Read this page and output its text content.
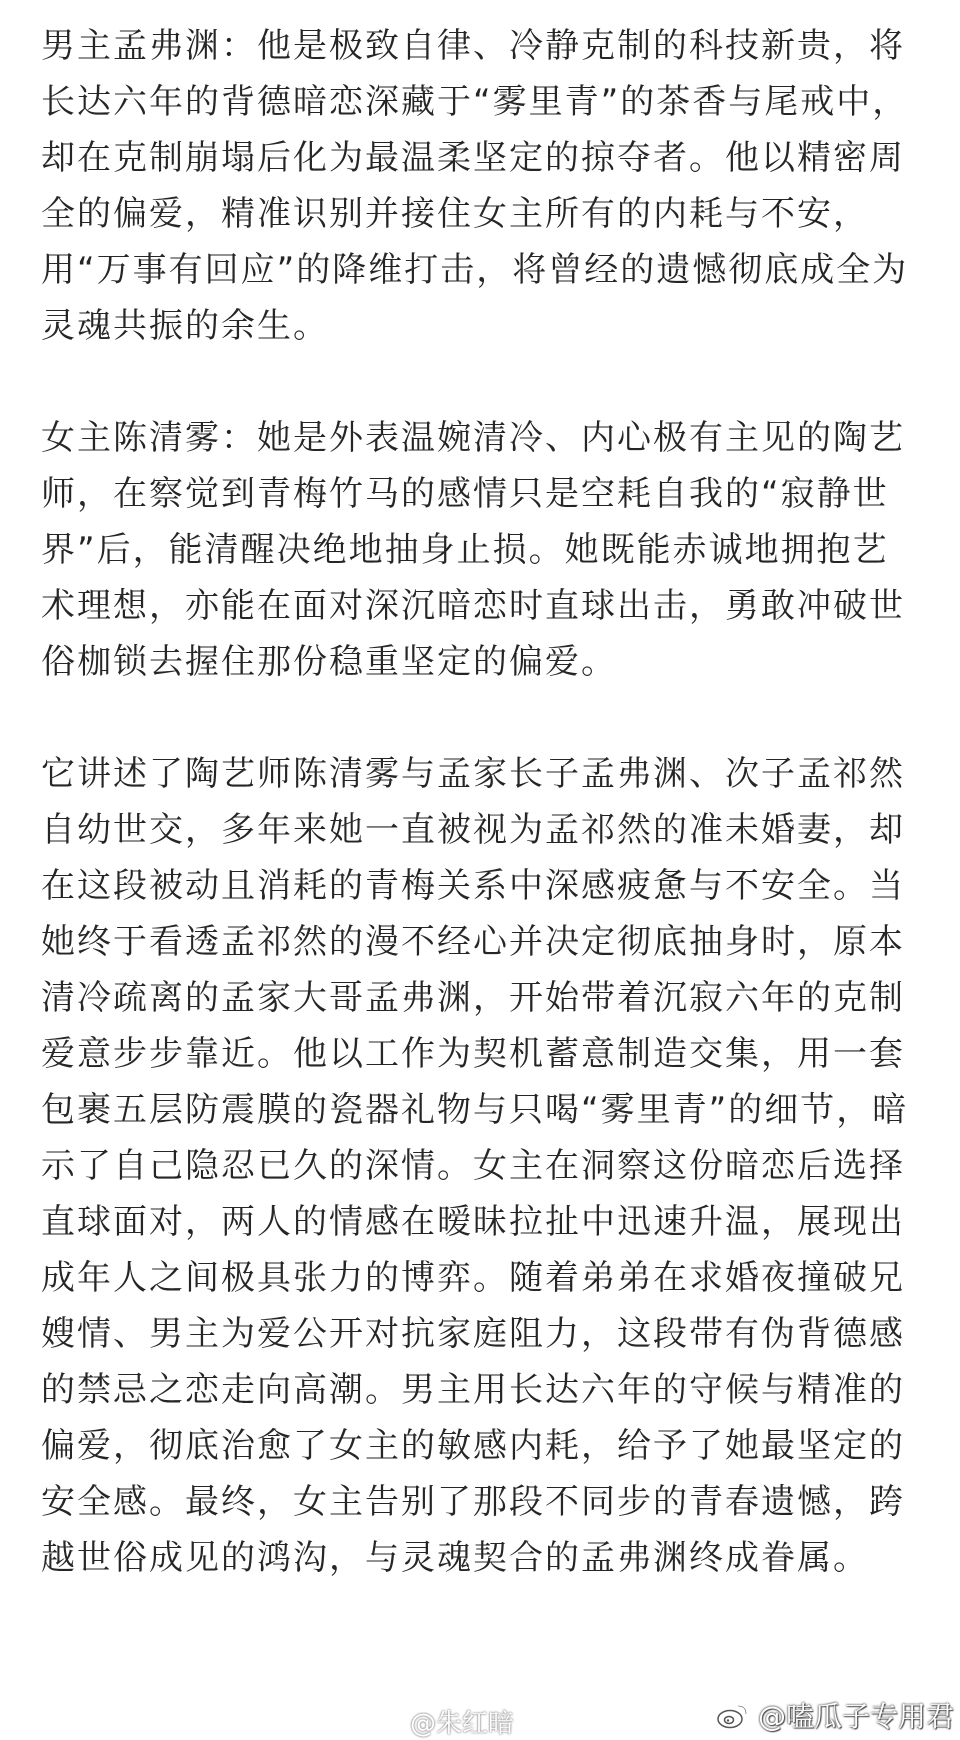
男主孟弗渊：他是极致自律、冷静克制的科技新贵，将长达六年的背德暗恋深藏于“雾里青”的茶香与尾戒中，却在克制崩塌后化为最温柔坚定的掠夺者。他以精密周全的偏爱，精准识别并接住女主所有的内耗与不安，用“万事有回应”的降维打击，将曾经的遗憾彻底成全为灵魂共振的余生。

女主陈清雾：她是外表温婉清冷、内心极有主见的陶艺师，在察觉到青梅竹马的感情只是空耗自我的“寂静世界”后，能清醒决绝地抽身止损。她既能赤诚地拥抱艺术理想，亦能在面对深沉暗恋时直球出击，勇敢冲破世俗枷锁去握住那份稳重坚定的偏爱。

它讲述了陶艺师陈清雾与孟家长子孟弗渊、次子孟祁然自幼世交，多年来她一直被视为孟祁然的准未婚妻，却在这段被动且消耗的青梅关系中深感疲惫与不安全。当她终于看透孟祁然的漫不经心并决定彻底抽身时，原本清冷疏离的孟家大哥孟弗渊，开始带着沉寂六年的克制爱意步步靠近。他以工作为契机蓄意制造交集，用一套包裹五层防震膜的瓷器礼物与只喝“雾里青”的细节，暗示了自己隐忍已久的深情。女主在洞察这份暗恋后选择直球面对，两人的情感在暧昧拉扯中迅速升温，展现出成年人之间极具张力的博弈。随着弟弟在求婚夜撞破兄嫂情、男主为爱公开对抗家庭阻力，这段带有伪背德感的禁忌之恋走向高潮。男主用长达六年的守候与精准的偏爱，彻底治愈了女主的敏感内耗，给予了她最坚定的安全感。最终，女主告别了那段不同步的青春遗憾，跨越世俗成见的鸿沟，与灵魂契合的孟弗渊终成眷属。

@朱红暗	@嗑瓜子专用君
